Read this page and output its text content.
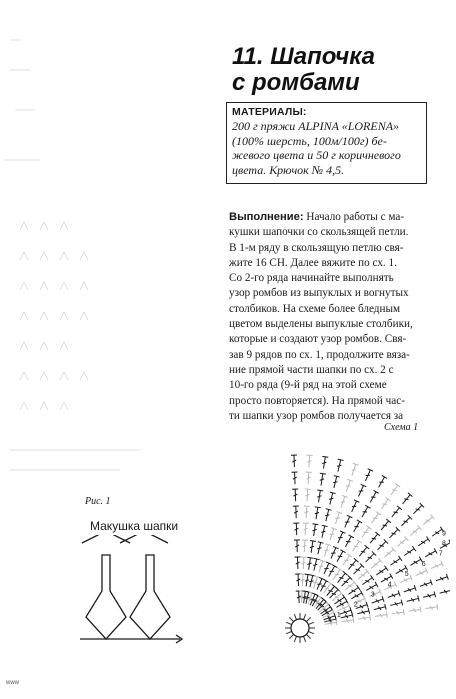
11. Шапочка
с ромбами
МАТЕРИАЛЫ:
200 г пряжи ALPINA «LORENA»
(100% шерсть, 100м/100г) бе-
жевого цвета и 50 г коричневого
цвета. Крючок № 4,5.
Выполнение: Начало работы с ма-
кушки шапочки со скользящей петли.
В 1-м ряду в скользящую петлю свя-
жите 16 СН. Далее вяжите по сх. 1.
Со 2-го ряда начинайте выполнять
узор ромбов из выпуклых и вогнутых
столбиков. На схеме более бледным
цветом выделены выпуклые столбики,
которые и создают узор ромбов. Свя-
зав 9 рядов по сх. 1, продолжите вяза-
ние прямой части шапки по сх. 2 с
10-го ряда (9-й ряд на этой схеме
просто повторяется). На прямой час-
ти шапки узор ромбов получается за
Схема 1
1
2
3
4
5
6
7
8
9
Рис. 1
Макушка шапки
www
